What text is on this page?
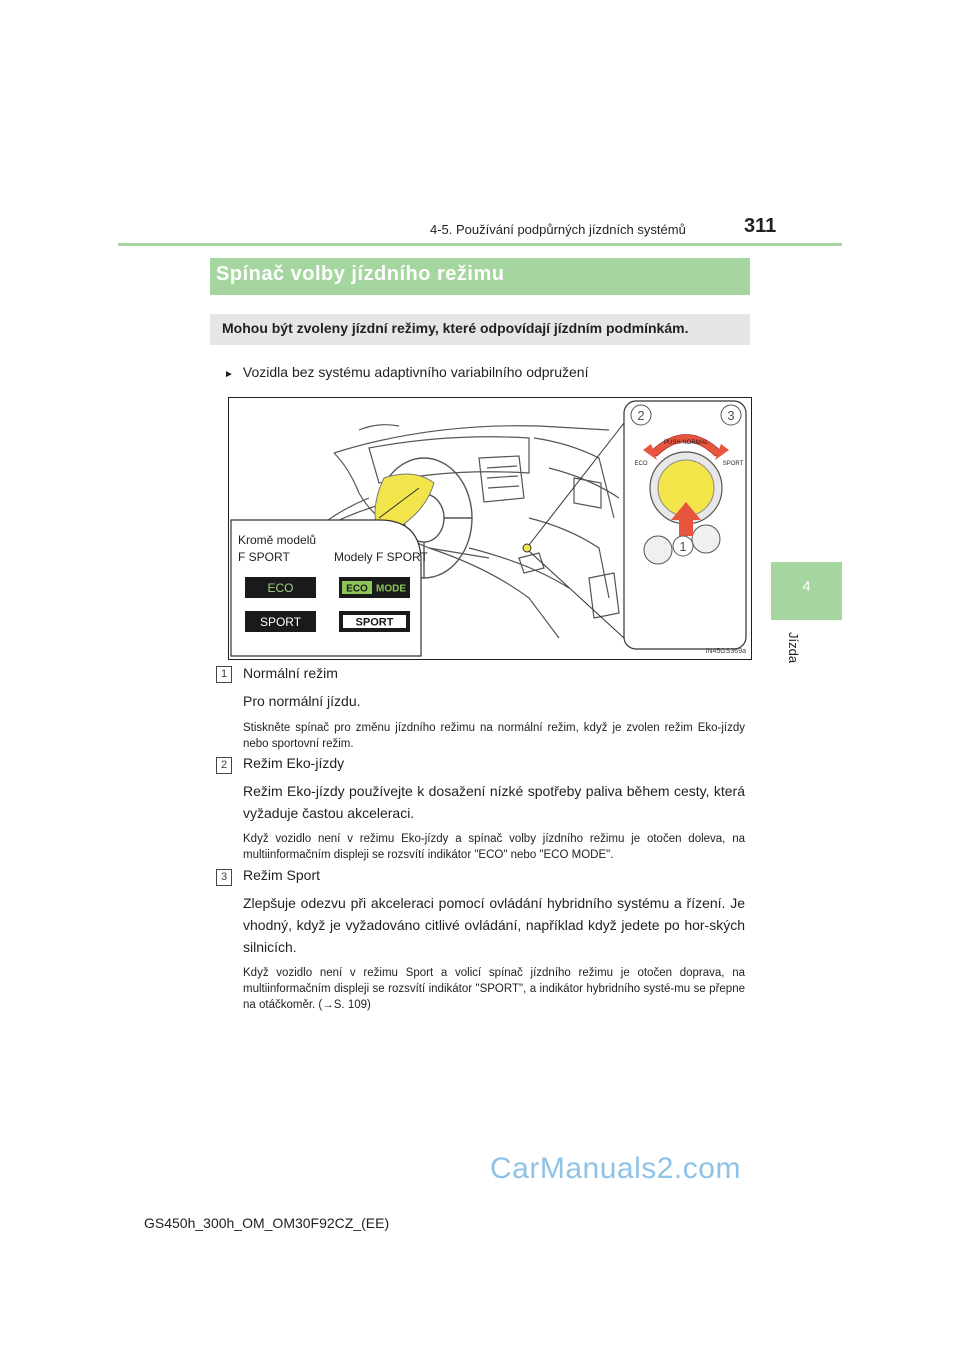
4-5. Používání podpůrných jízdních systémů	311
4
Jízda
Spínač volby jízdního režimu
Mohou být zvoleny jízdní režimy, které odpovídají jízdním podmínkám.
► Vozidla bez systému adaptivního variabilního odpružení
Kromě modelů
F SPORT	Modely F SPORT
ECO	ECO MODE
SPORT	SPORT
PUSH NORMAL
ECO	SPORT
2	3
1
IN45GS369a
1	Normální režim
Pro normální jízdu.
Stiskněte spínač pro změnu jízdního režimu na normální režim, když je zvolen režim Eko-jízdy nebo sportovní režim.
2	Režim Eko-jízdy
Režim Eko-jízdy používejte k dosažení nízké spotřeby paliva během cesty, která vyžaduje častou akceleraci.
Když vozidlo není v režimu Eko-jízdy a spínač volby jízdního režimu je otočen doleva, na multiinformačním displeji se rozsvítí indikátor "ECO" nebo "ECO MODE".
3	Režim Sport
Zlepšuje odezvu při akceleraci pomocí ovládání hybridního systému a řízení. Je vhodný, když je vyžadováno citlivé ovládání, například když jedete po hor-ských silnicích.
Když vozidlo není v režimu Sport a volicí spínač jízdního režimu je otočen doprava, na multiinformačním displeji se rozsvítí indikátor "SPORT", a indikátor hybridního systé-mu se přepne na otáčkoměr. (→S. 109)
CarManuals2.com
GS450h_300h_OM_OM30F92CZ_(EE)
